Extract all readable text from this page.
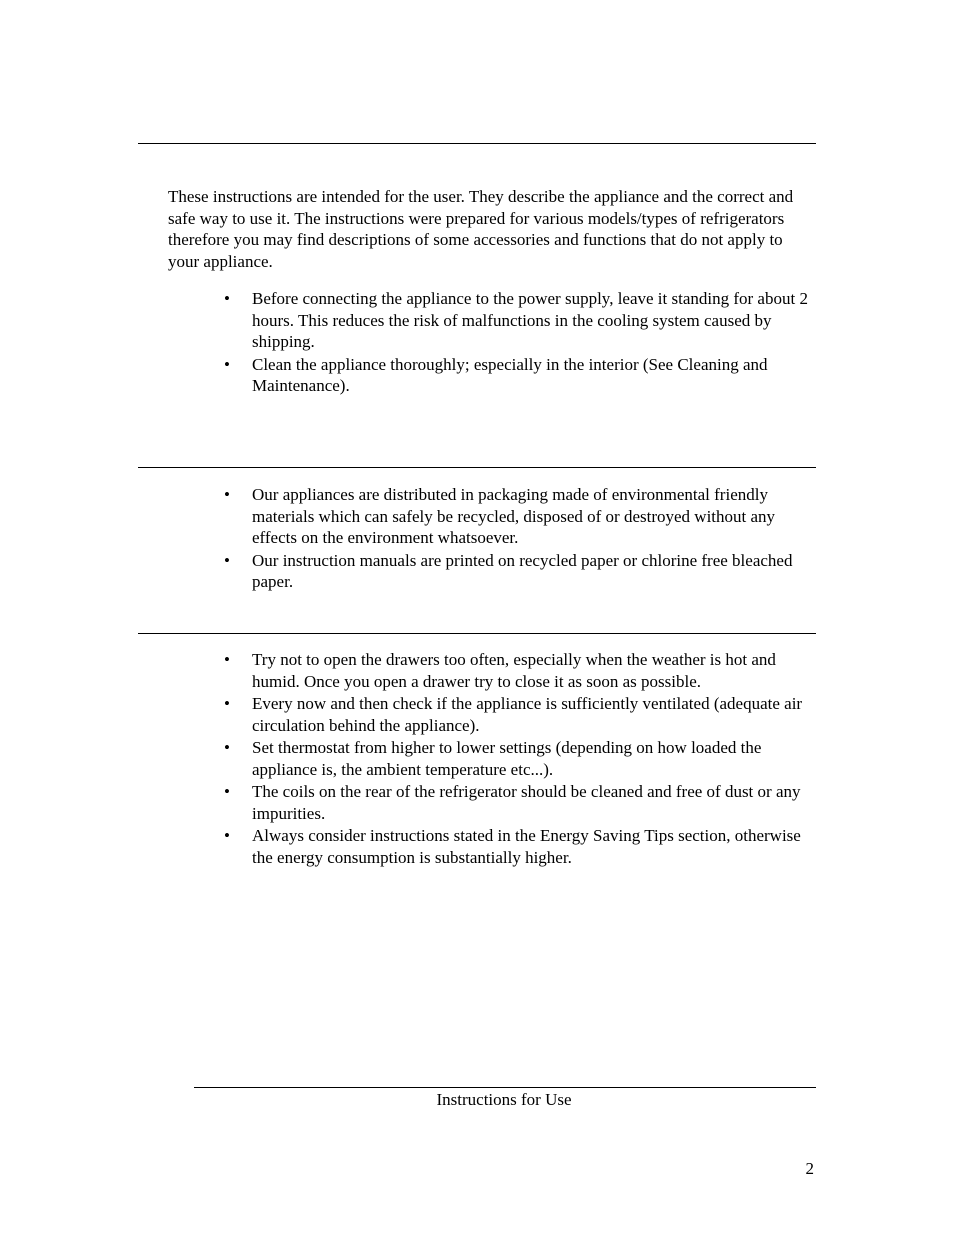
These instructions are intended for the user. They describe the appliance and the correct and safe way to use it. The instructions were prepared for various models/types of refrigerators therefore you may find descriptions of some accessories and functions that do not apply to your appliance.

• Before connecting the appliance to the power supply, leave it standing for about 2 hours. This reduces the risk of malfunctions in the cooling system caused by shipping.
• Clean the appliance thoroughly; especially in the interior (See Cleaning and Maintenance).
• Our appliances are distributed in packaging made of environmental friendly materials which can safely be recycled, disposed of or destroyed without any effects on the environment whatsoever.
• Our instruction manuals are printed on recycled paper or chlorine free bleached paper.
• Try not to open the drawers too often, especially when the weather is hot and humid. Once you open a drawer try to close it as soon as possible.
• Every now and then check if the appliance is sufficiently ventilated (adequate air circulation behind the appliance).
• Set thermostat from higher to lower settings (depending on how loaded the appliance is, the ambient temperature etc...).
• The coils on the rear of the refrigerator should be cleaned and free of dust or any impurities.
• Always consider instructions stated in the Energy Saving Tips section, otherwise the energy consumption is substantially higher.
Instructions for Use
2
